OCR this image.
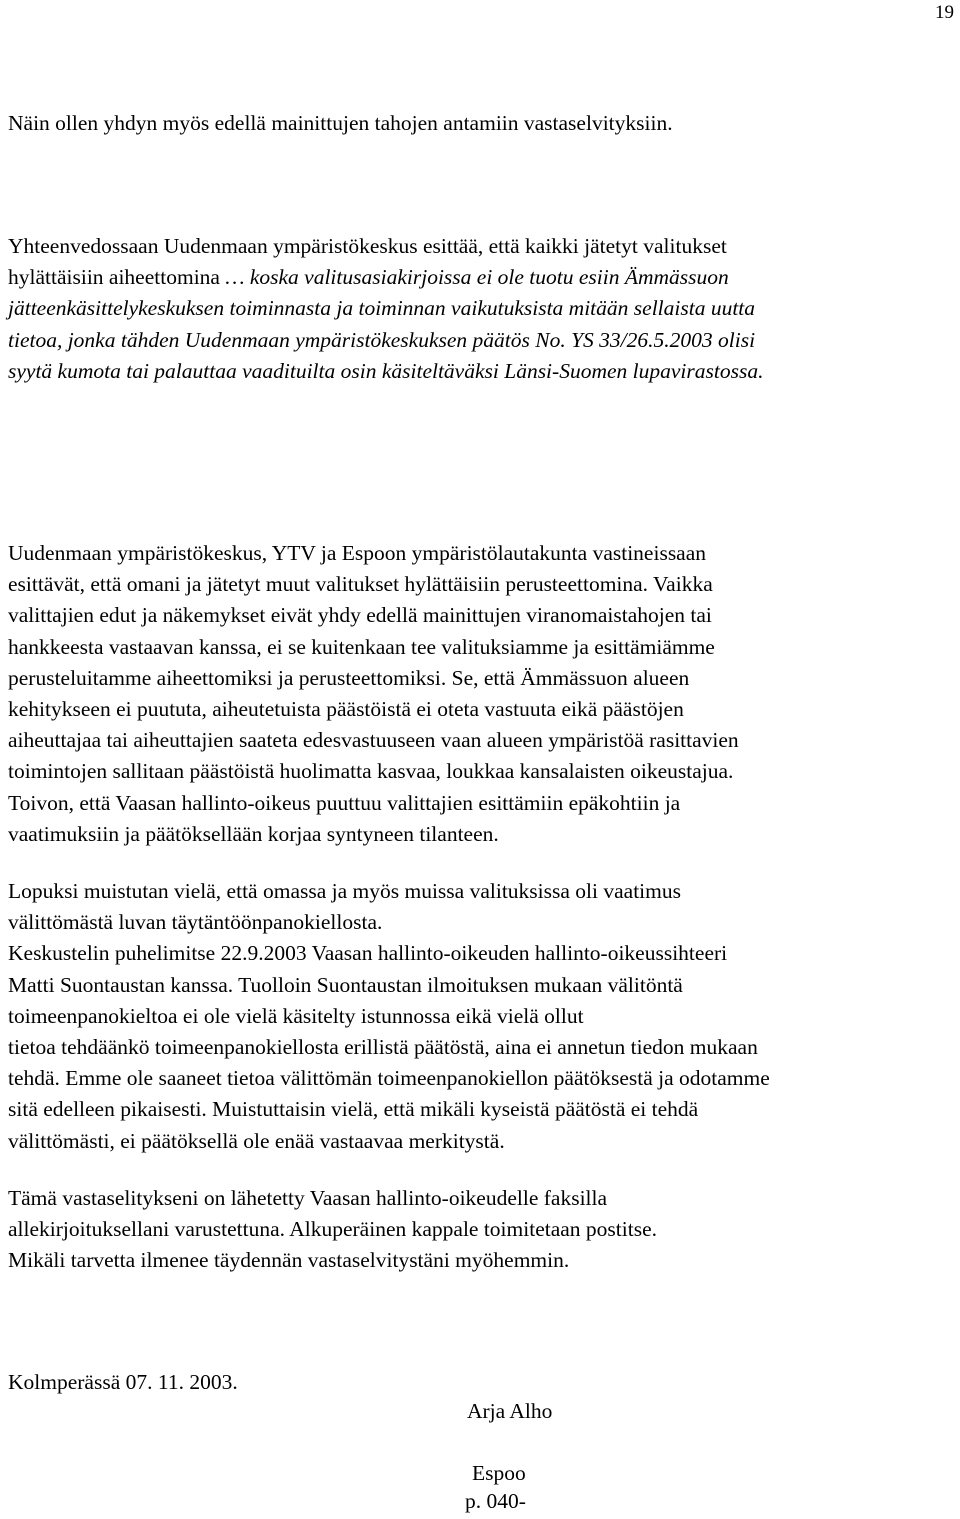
19
Näin ollen yhdyn myös edellä mainittujen tahojen antamiin vastaselvityksiin.
Yhteenvedossaan Uudenmaan ympäristökeskus esittää, että kaikki jätetyt valitukset
hylättäisiin aiheettomina … koska valitusasiakirjoissa ei ole tuotu esiin Ämmässuon
jätteenkäsittelykeskuksen toiminnasta ja toiminnan vaikutuksista mitään sellaista uutta
tietoa, jonka tähden Uudenmaan ympäristökeskuksen päätös No. YS 33/26.5.2003 olisi
syytä kumota tai palauttaa vaadituilta osin käsiteltäväksi Länsi-Suomen lupavirastossa.
Uudenmaan ympäristökeskus, YTV ja Espoon ympäristölautakunta vastineissaan
esittävät, että omani ja jätetyt muut valitukset hylättäisiin perusteettomina. Vaikka
valittajien edut ja näkemykset eivät yhdy edellä mainittujen viranomaistahojen tai
hankkeesta vastaavan kanssa, ei se kuitenkaan tee valituksiamme ja esittämiämme
perusteluitamme aiheettomiksi ja perusteettomiksi. Se, että Ämmässuon alueen
kehitykseen ei puututa, aiheutetuista päästöistä ei oteta vastuuta eikä päästöjen
aiheuttajaa tai aiheuttajien saateta edesvastuuseen vaan alueen ympäristöä rasittavien
toimintojen sallitaan päästöistä huolimatta kasvaa, loukkaa kansalaisten oikeustajua.
Toivon, että Vaasan hallinto-oikeus puuttuu valittajien esittämiin epäkohtiin ja
vaatimuksiin ja päätöksellään korjaa syntyneen tilanteen.
Lopuksi muistutan vielä, että omassa ja myös muissa valituksissa oli vaatimus
välittömästä luvan täytäntöönpanokiellosta.
Keskustelin puhelimitse 22.9.2003 Vaasan hallinto-oikeuden hallinto-oikeussihteeri
Matti Suontaustan kanssa. Tuolloin Suontaustan ilmoituksen mukaan välitöntä
toimeenpanokieltoa ei ole vielä käsitelty istunnossa eikä vielä ollut
tietoa tehdäänkö toimeenpanokiellosta erillistä päätöstä, aina ei annetun tiedon mukaan
tehdä. Emme ole saaneet tietoa välittömän toimeenpanokiellon päätöksestä ja odotamme
sitä edelleen pikaisesti. Muistuttaisin vielä, että mikäli kyseistä päätöstä ei tehdä
välittömästi, ei päätöksellä ole enää vastaavaa merkitystä.
Tämä vastaselitykseni on lähetetty Vaasan hallinto-oikeudelle faksilla
allekirjoituksellani varustettuna. Alkuperäinen kappale toimitetaan postitse.
Mikäli tarvetta ilmenee täydennän vastaselvitystäni myöhemmin.
Kolmperässä 07. 11. 2003.
Arja Alho
Espoo
p. 040-
